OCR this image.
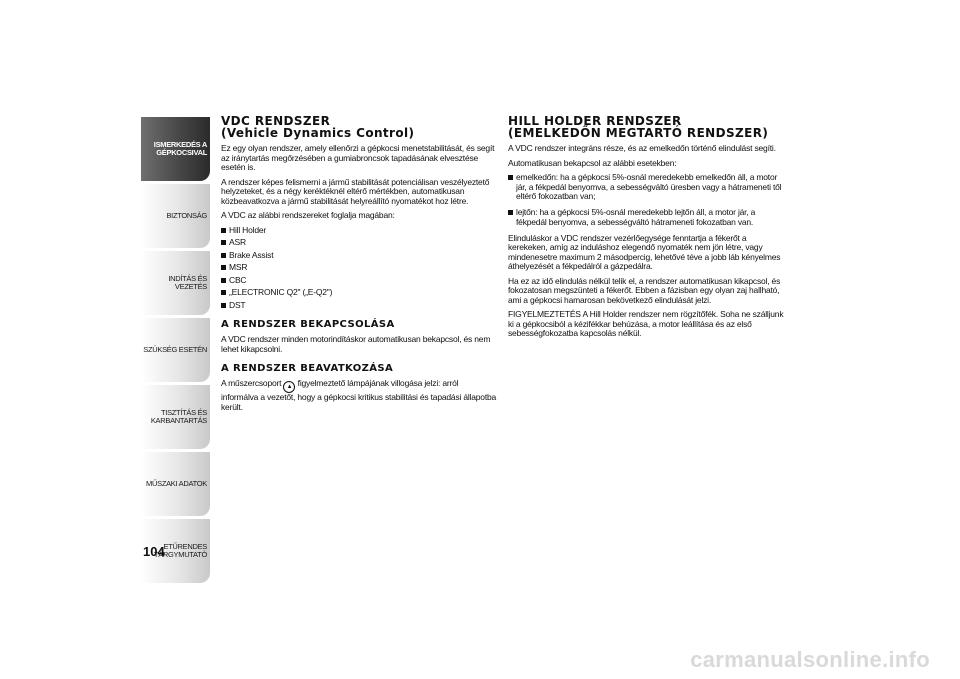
ISMERKEDÉS A
GÉPKOCSIVAL
BIZTONSÁG
INDÍTÁS ÉS VEZETÉS
SZÜKSÉG ESETÉN
TISZTÍTÁS ÉS
KARBANTARTÁS
MŰSZAKI ADATOK
ETŰRENDES
TÁRGYMUTATÓ
104
VDC RENDSZER
(Vehicle Dynamics Control)

Ez egy olyan rendszer, amely ellenőrzi a gépkocsi menetstabilitását, és segít az iránytartás megőrzésében a gumiabroncsok tapadásának elvesztése esetén is.

A rendszer képes felismerni a jármű stabilitását potenciálisan veszélyeztető helyzeteket, és a négy keréktéknél eltérő mértékben, automatikusan közbeavatkozva a jármű stabilitását helyreállító nyomatékot hoz létre.

A VDC az alábbi rendszereket foglalja magában:

Hill Holder
ASR
Brake Assist
MSR
CBC
„ELECTRONIC Q2" („E-Q2")
DST
A RENDSZER BEKAPCSOLÁSA

A VDC rendszer minden motorindításkor automatikusan bekapcsol, és nem lehet kikapcsolni.

A RENDSZER BEAVATKOZÁSA

A műszercsoport ▲ figyelmeztető lámpájának villogása jelzi: arról informálva a vezetőt, hogy a gépkocsi kritikus stabilitási és tapadási állapotba került.

HILL HOLDER RENDSZER
(EMELKEDŐN MEGTARTÓ RENDSZER)

A VDC rendszer integráns része, és az emelkedőn történő elindulást segíti.

Automatikusan bekapcsol az alábbi esetekben:

emelkedőn: ha a gépkocsi 5%-osnál meredekebb emelkedőn áll, a motor jár, a fékpedál benyomva, a sebességváltó üresben vagy a hátrameneti től eltérő fokozatban van;
lejtőn: ha a gépkocsi 5%-osnál meredekebb lejtőn áll, a motor jár, a fékpedál benyomva, a sebességváltó hátrameneti fokozatban van.

Elinduláskor a VDC rendszer vezérlőegysége fenntartja a fékerőt a kerekeken, amíg az induláshoz elegendő nyomaték nem jön létre, vagy mindenesetre maximum 2 másodpercig, lehetővé téve a jobb láb kényelmes áthelyezését a fékpedálról a gázpedálra.

Ha ez az idő elindulás nélkül telik el, a rendszer automatikusan kikapcsol, és fokozatosan megszünteti a fékerőt. Ebben a fázisban egy olyan zaj hallható, ami a gépkocsi hamarosan bekövetkező elindulását jelzi.

FIGYELMEZTETÉS A Hill Holder rendszer nem rögzítőfék. Soha ne szálljunk ki a gépkocsiból a kézifékkar behúzása, a motor leállítása és az első sebességfokozatba kapcsolás nélkül.

carmanualsonline.info
